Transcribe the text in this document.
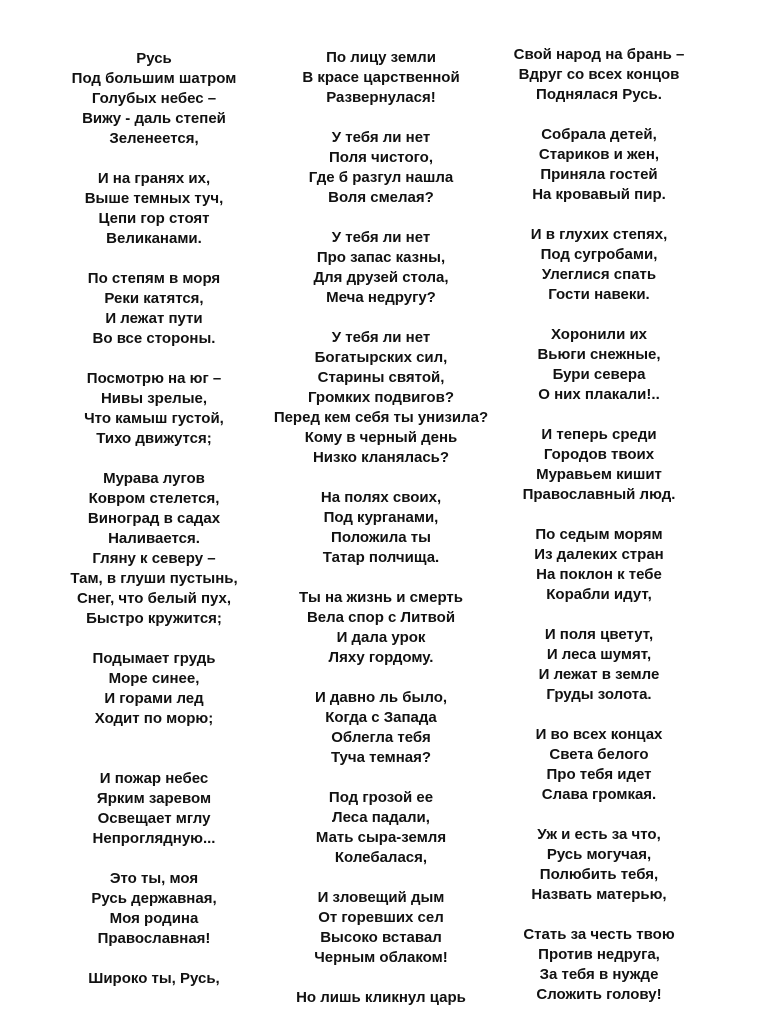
Русь
Под большим шатром
Голубых небес –
Вижу - даль степей
Зеленеется,
И на гранях их,
Выше темных туч,
Цепи гор стоят
Великанами.
По степям в моря
Реки катятся,
И лежат пути
Во все стороны.
Посмотрю на юг –
Нивы зрелые,
Что камыш густой,
Тихо движутся;
Мурава лугов
Ковром стелется,
Виноград в садах
Наливается.
Гляну к северу –
Там, в глуши пустынь,
Снег, что белый пух,
Быстро кружится;
Подымает грудь
Море синее,
И горами лед
Ходит по морю;
И пожар небес
Ярким заревом
Освещает мглу
Непроглядную...
Это ты, моя
Русь державная,
Моя родина
Православная!
Широко ты, Русь,
По лицу земли
В красе царственной
Развернулася!
У тебя ли нет
Поля чистого,
Где б разгул нашла
Воля смелая?
У тебя ли нет
Про запас казны,
Для друзей стола,
Меча недругу?
У тебя ли нет
Богатырских сил,
Старины святой,
Громких подвигов?
Перед кем себя ты унизила?
Кому в черный день
Низко кланялась?
На полях своих,
Под курганами,
Положила ты
Татар полчища.
Ты на жизнь и смерть
Вела спор с Литвой
И дала урок
Ляху гордому.
И давно ль было,
Когда с Запада
Облегла тебя
Туча темная?
Под грозой ее
Леса падали,
Мать сыра-земля
Колебалася,
И зловещий дым
От горевших сел
Высоко вставал
Черным облаком!
Но лишь кликнул царь
Свой народ на брань –
Вдруг со всех концов
Поднялася Русь.
Собрала детей,
Стариков и жен,
Приняла гостей
На кровавый пир.
И в глухих степях,
Под сугробами,
Улеглися спать
Гости навеки.
Хоронили их
Вьюги снежные,
Бури севера
О них плакали!..
И теперь среди
Городов твоих
Муравьем кишит
Православный люд.
По седым морям
Из далеких стран
На поклон к тебе
Корабли идут,
И поля цветут,
И леса шумят,
И лежат в земле
Груды золота.
И во всех концах
Света белого
Про тебя идет
Слава громкая.
Уж и есть за что,
Русь могучая,
Полюбить тебя,
Назвать матерью,
Стать за честь твою
Против недруга,
За тебя в нужде
Сложить голову!
